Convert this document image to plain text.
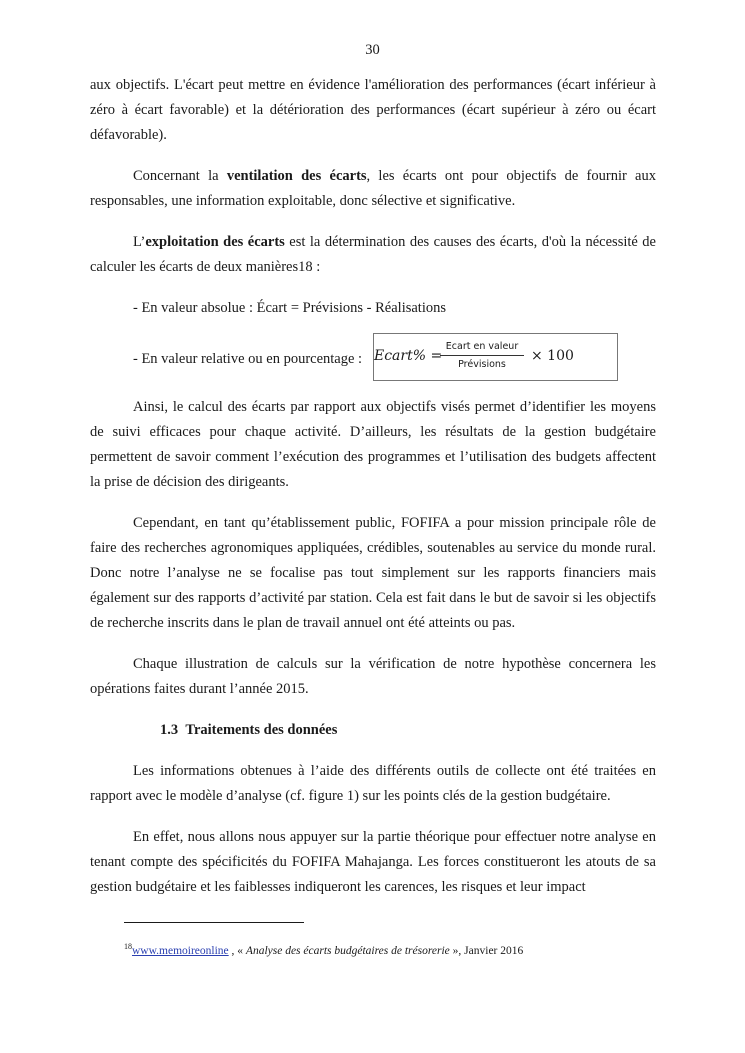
30

aux objectifs. L'écart peut mettre en évidence l'amélioration des performances (écart inférieur à zéro à écart favorable) et la détérioration des performances (écart supérieur à zéro ou écart défavorable).

Concernant la ventilation des écarts, les écarts ont pour objectifs de fournir aux responsables, une information exploitable, donc sélective et significative.

L’exploitation des écarts est la détermination des causes des écarts, d'où la nécessité de calculer les écarts de deux manières18 :

- En valeur absolue : Écart = Prévisions - Réalisations

- En valeur relative ou en pourcentage : Ecart% =
Ecart en valeur
Prévisions
× 100

Ainsi, le calcul des écarts par rapport aux objectifs visés permet d’identifier les moyens de suivi efficaces pour chaque activité. D’ailleurs, les résultats de la gestion budgétaire permettent de savoir comment l’exécution des programmes et l’utilisation des budgets affectent la prise de décision des dirigeants.

Cependant, en tant qu’établissement public, FOFIFA a pour mission principale rôle de faire des recherches agronomiques appliquées, crédibles, soutenables au service du monde rural. Donc notre l’analyse ne se focalise pas tout simplement sur les rapports financiers mais également sur des rapports d’activité par station. Cela est fait dans le but de savoir si les objectifs de recherche inscrits dans le plan de travail annuel ont été atteints ou pas.

Chaque illustration de calculs sur la vérification de notre hypothèse concernera les opérations faites durant l’année 2015.

1.3 Traitements des données

Les informations obtenues à l’aide des différents outils de collecte ont été traitées en rapport avec le modèle d’analyse (cf. figure 1) sur les points clés de la gestion budgétaire.

En effet, nous allons nous appuyer sur la partie théorique pour effectuer notre analyse en tenant compte des spécificités du FOFIFA Mahajanga. Les forces constitueront les atouts de sa gestion budgétaire et les faiblesses indiqueront les carences, les risques et leur impact

$^{18}$www.memoireonline , « Analyse des écarts budgétaires de trésorerie », Janvier 2016
